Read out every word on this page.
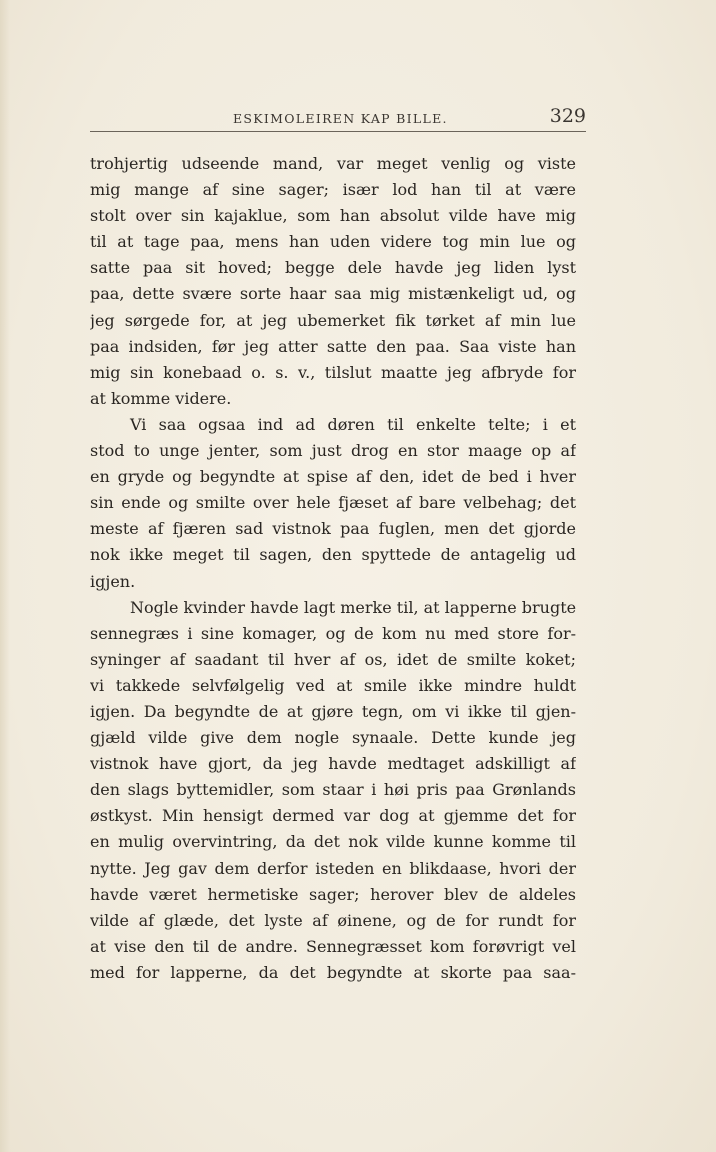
ESKIMOLEIREN KAP BILLE.	329
trohjertig udseende mand, var meget venlig og viste
mig mange af sine sager; især lod han til at være
stolt over sin kajaklue, som han absolut vilde have mig
til at tage paa, mens han uden videre tog min lue og
satte paa sit hoved; begge dele havde jeg liden lyst
paa, dette svære sorte haar saa mig mistænkeligt ud, og
jeg sørgede for, at jeg ubemerket fik tørket af min lue
paa indsiden, før jeg atter satte den paa. Saa viste han
mig sin konebaad o. s. v., tilslut maatte jeg afbryde for
at komme videre.
Vi saa ogsaa ind ad døren til enkelte telte; i et
stod to unge jenter, som just drog en stor maage op af
en gryde og begyndte at spise af den, idet de bed i hver
sin ende og smilte over hele fjæset af bare velbehag; det
meste af fjæren sad vistnok paa fuglen, men det gjorde
nok ikke meget til sagen, den spyttede de antagelig ud
igjen.
Nogle kvinder havde lagt merke til, at lapperne brugte
sennegræs i sine komager, og de kom nu med store for-
syninger af saadant til hver af os, idet de smilte koket;
vi takkede selvfølgelig ved at smile ikke mindre huldt
igjen. Da begyndte de at gjøre tegn, om vi ikke til gjen-
gjæld vilde give dem nogle synaale. Dette kunde jeg
vistnok have gjort, da jeg havde medtaget adskilligt af
den slags byttemidler, som staar i høi pris paa Grønlands
østkyst. Min hensigt dermed var dog at gjemme det for
en mulig overvintring, da det nok vilde kunne komme til
nytte. Jeg gav dem derfor isteden en blikdaase, hvori der
havde været hermetiske sager; herover blev de aldeles
vilde af glæde, det lyste af øinene, og de for rundt for
at vise den til de andre. Sennegræsset kom forøvrigt vel
med for lapperne, da det begyndte at skorte paa saa-
